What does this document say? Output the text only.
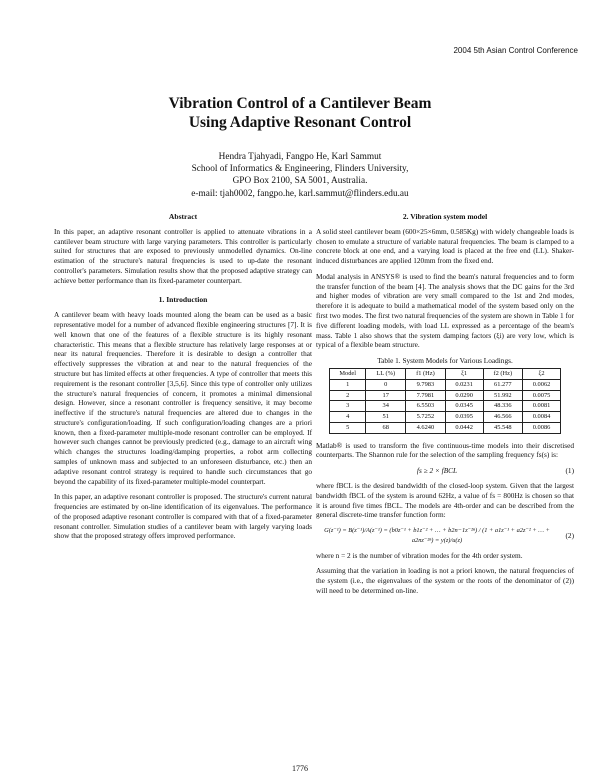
2004 5th Asian Control Conference
Vibration Control of a Cantilever Beam
Using Adaptive Resonant Control
Hendra Tjahyadi, Fangpo He, Karl Sammut
School of Informatics & Engineering, Flinders University,
GPO Box 2100, SA 5001, Australia.
e-mail: tjah0002, fangpo.he, karl.sammut@flinders.edu.au
Abstract

In this paper, an adaptive resonant controller is applied to attenuate vibrations in a cantilever beam structure with large varying parameters. This controller is particularly suited for structures that are exposed to previously unmodelled dynamics. On-line estimation of the structure's natural frequencies is used to up-date the resonant controller's parameters. Simulation results show that the proposed adaptive strategy can achieve better performance than its fixed-parameter counterpart.

1. Introduction

A cantilever beam with heavy loads mounted along the beam can be used as a basic representative model for a number of advanced flexible engineering structures [7]. It is well known that one of the features of a flexible structure is its highly resonant characteristic. This means that a flexible structure has relatively large responses at or near its natural frequencies. Therefore it is desirable to design a controller that effectively suppresses the vibration at and near to the natural frequencies of the structure but has limited effects at other frequencies. A type of controller that meets this requirement is the resonant controller [3,5,6]. Since this type of controller only utilizes the structure's natural frequencies of concern, it promotes a minimal dimensional design. However, since a resonant controller is frequency sensitive, it may become ineffective if the structure's natural frequencies are altered due to changes in the structure's configuration/loading. If such configuration/loading changes are a priori known, then a fixed-parameter multiple-mode resonant controller can be employed. If however such changes cannot be previously predicted (e.g., damage to an aircraft wing which changes the structures loading/damping properties, a robot arm collecting samples of unknown mass and subjected to an unforeseen disturbance, etc.) then an adaptive resonant control strategy is required to handle such circumstances that go beyond the capability of its fixed-parameter multiple-model counterpart.

In this paper, an adaptive resonant controller is proposed. The structure's current natural frequencies are estimated by on-line identification of its eigenvalues. The performance of the proposed adaptive resonant controller is compared with that of a fixed-parameter resonant controller. Simulation studies of a cantilever beam with largely varying loads show that the proposed strategy offers improved performance.

2. Vibration system model

A solid steel cantilever beam (600×25×6mm, 0.585Kg) with widely changeable loads is chosen to emulate a structure of variable natural frequencies. The beam is clamped to a concrete block at one end, and a varying load is placed at the free end (LL). Shaker-induced disturbances are applied 120mm from the fixed end.

Modal analysis in ANSYS® is used to find the beam's natural frequencies and to form the transfer function of the beam [4]. The analysis shows that the DC gains for the 3rd and higher modes of vibration are very small compared to the 1st and 2nd modes, therefore it is adequate to build a mathematical model of the system based only on the first two modes. The first two natural frequencies of the system are shown in Table 1 for five different loading models, with load LL expressed as a percentage of the beam's mass. Table 1 also shows that the system damping factors (ξi) are very low, which is typical of a flexible beam structure.

Table 1. System Models for Various Loadings.
Model	LL (%)	f1 (Hz)	ξ1	f2 (Hz)	ξ2
1	0	9.7983	0.0231	61.277	0.0062
2	17	7.7981	0.0290	51.992	0.0075
3	34	6.5503	0.0345	48.336	0.0081
4	51	5.7252	0.0395	46.566	0.0084
5	68	4.6240	0.0442	45.548	0.0086

Matlab® is used to transform the five continuous-time models into their discretised counterparts. The Shannon rule for the selection of the sampling frequency fs(s) is:

fs ≥ 2 × fBCL	(1)

where fBCL is the desired bandwidth of the closed-loop system. Given that the largest bandwidth fBCL of the system is around 62Hz, a value of fs = 800Hz is chosen so that it is around five times fBCL. The models are 4th-order and can be described from the general discrete-time transfer function form:

G(z⁻¹) = B(z⁻¹)/A(z⁻¹) = (b0z⁻¹ + b1z⁻² + … + b2n−1z⁻²ⁿ) / (1 + a1z⁻¹ + a2z⁻² + … + a2nz⁻²ⁿ) = y(z)/u(z)
(2)

where n = 2 is the number of vibration modes for the 4th order system.

Assuming that the variation in loading is not a priori known, the natural frequencies of the system (i.e., the eigenvalues of the system or the roots of the denominator of (2)) will need to be determined on-line.

1776
